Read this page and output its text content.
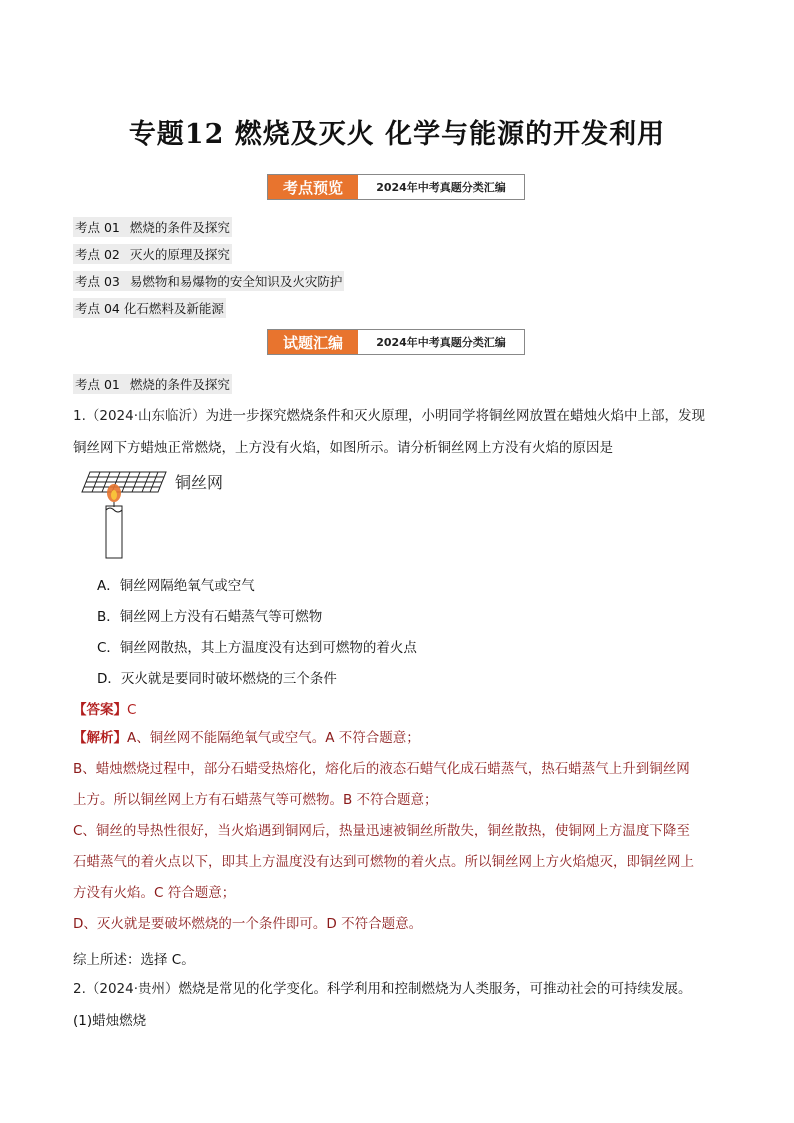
专题12 燃烧及灭火 化学与能源的开发利用
考点预览	2024年中考真题分类汇编
考点 01 燃烧的条件及探究
考点 02 灭火的原理及探究
考点 03 易燃物和易爆物的安全知识及火灾防护
考点 04 化石燃料及新能源
试题汇编	2024年中考真题分类汇编
考点 01 燃烧的条件及探究
1.（2024·山东临沂）为进一步探究燃烧条件和灭火原理，小明同学将铜丝网放置在蜡烛火焰中上部，发现
铜丝网下方蜡烛正常燃烧，上方没有火焰，如图所示。请分析铜丝网上方没有火焰的原因是
铜丝网
A．铜丝网隔绝氧气或空气
B．铜丝网上方没有石蜡蒸气等可燃物
C．铜丝网散热，其上方温度没有达到可燃物的着火点
D．灭火就是要同时破坏燃烧的三个条件
【答案】C
【解析】A、铜丝网不能隔绝氧气或空气。A 不符合题意；
B、蜡烛燃烧过程中，部分石蜡受热熔化，熔化后的液态石蜡气化成石蜡蒸气，热石蜡蒸气上升到铜丝网
上方。所以铜丝网上方有石蜡蒸气等可燃物。B 不符合题意；
C、铜丝的导热性很好，当火焰遇到铜网后，热量迅速被铜丝所散失，铜丝散热，使铜网上方温度下降至
石蜡蒸气的着火点以下，即其上方温度没有达到可燃物的着火点。所以铜丝网上方火焰熄灭，即铜丝网上
方没有火焰。C 符合题意；
D、灭火就是要破坏燃烧的一个条件即可。D 不符合题意。
综上所述：选择 C。
2.（2024·贵州）燃烧是常见的化学变化。科学利用和控制燃烧为人类服务，可推动社会的可持续发展。
(1)蜡烛燃烧
